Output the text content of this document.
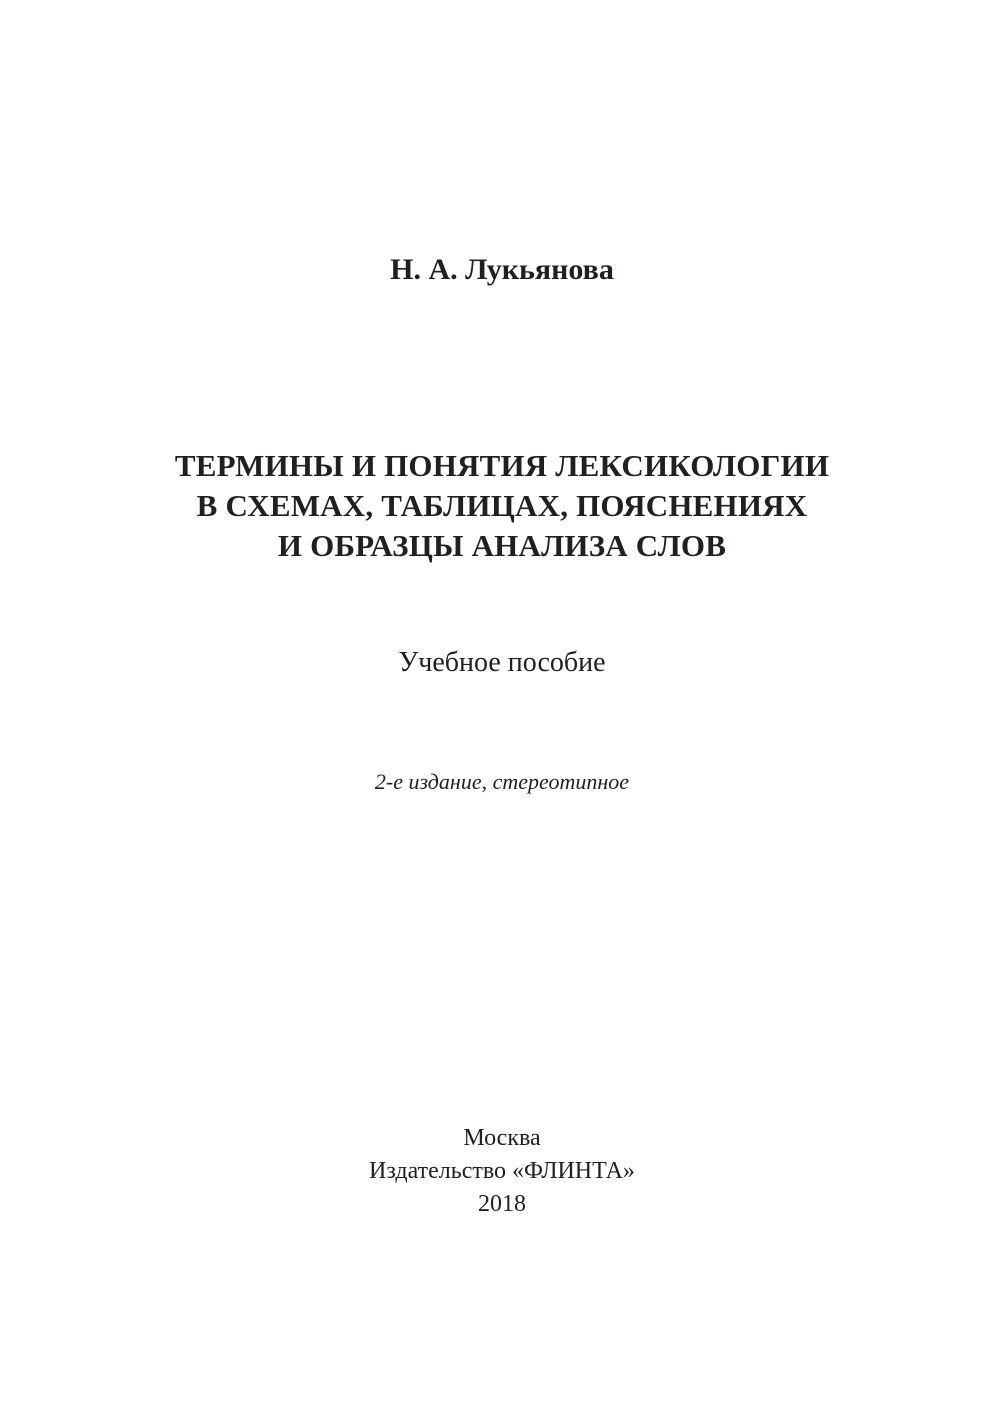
Н. А. Лукьянова
ТЕРМИНЫ И ПОНЯТИЯ ЛЕКСИКОЛОГИИ
В СХЕМАХ, ТАБЛИЦАХ, ПОЯСНЕНИЯХ
И ОБРАЗЦЫ АНАЛИЗА СЛОВ
Учебное пособие
2-е издание, стереотипное
Москва
Издательство «ФЛИНТА»
2018
